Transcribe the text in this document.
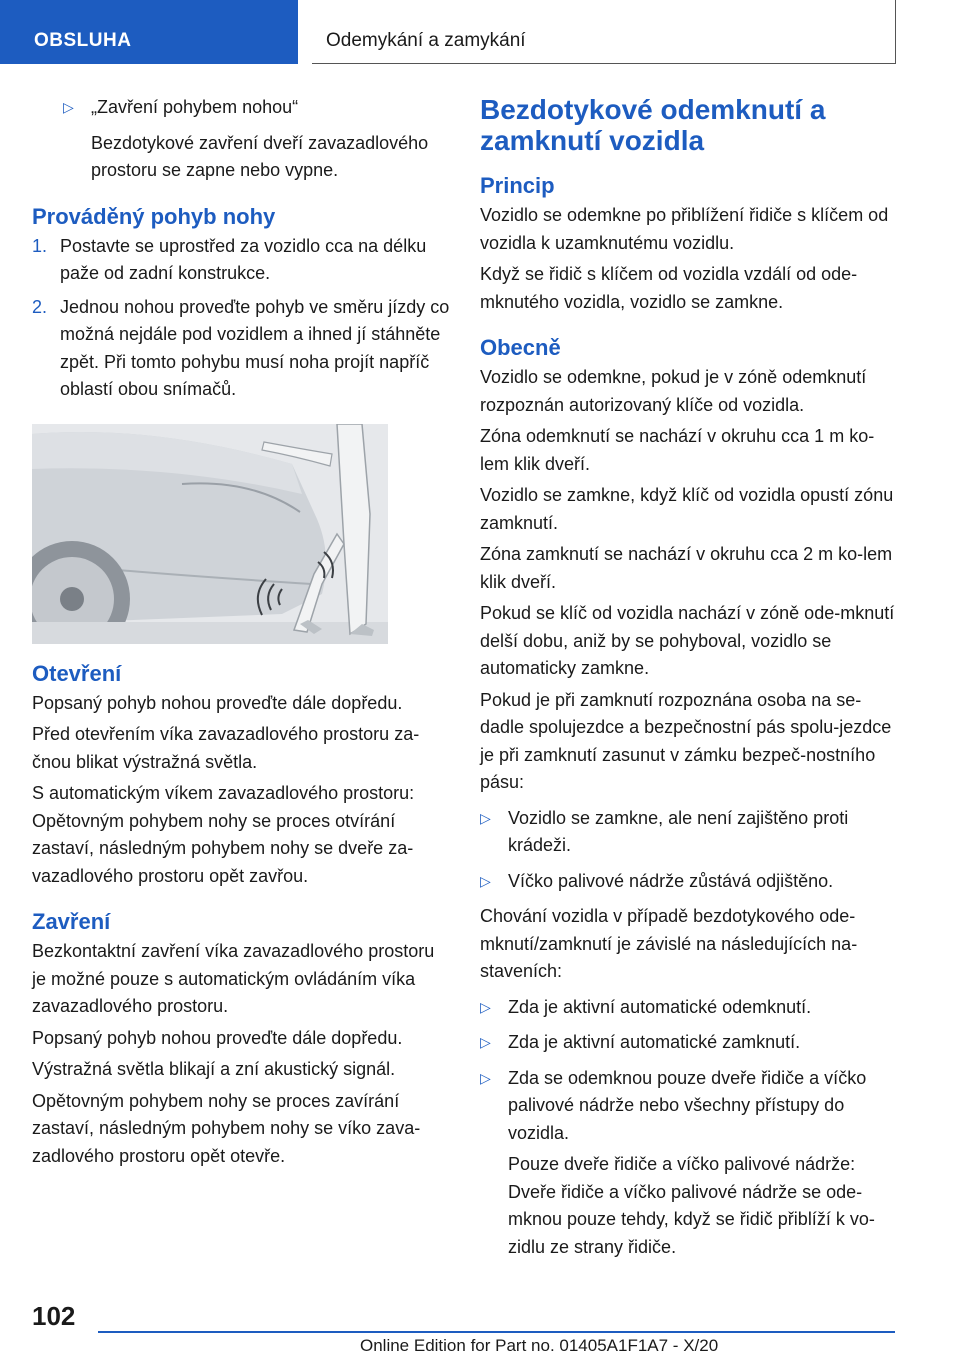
OBSLUHA	Odemykání a zamykání
▷ „Zavření pohybem nohou“

Bezdotykové zavření dveří zavazadlového prostoru se zapne nebo vypne.

Prováděný pohyb nohy
1. Postavte se uprostřed za vozidlo cca na délku paže od zadní konstrukce.
2. Jednou nohou proveďte pohyb ve směru jízdy co možná nejdále pod vozidlem a ihned jí stáhněte zpět. Při tomto pohybu musí noha projít napříč oblastí obou snímačů.
Otevření

Popsaný pohyb nohou proveďte dále dopředu.

Před otevřením víka zavazadlového prostoru za‐čnou blikat výstražná světla.

S automatickým víkem zavazadlového prostoru: Opětovným pohybem nohy se proces otvírání zastaví, následným pohybem nohy se dveře za‐vazadlového prostoru opět zavřou.

Zavření

Bezkontaktní zavření víka zavazadlového prostoru je možné pouze s automatickým ovládáním víka zavazadlového prostoru.

Popsaný pohyb nohou proveďte dále dopředu.

Výstražná světla blikají a zní akustický signál.

Opětovným pohybem nohy se proces zavírání zastaví, následným pohybem nohy se víko zava‐zadlového prostoru opět otevře.

Bezdotykové odemknutí a zamknutí vozidla
Princip

Vozidlo se odemkne po přiblížení řidiče s klíčem od vozidla k uzamknutému vozidlu.

Když se řidič s klíčem od vozidla vzdálí od ode‐mknutého vozidla, vozidlo se zamkne.

Obecně

Vozidlo se odemkne, pokud je v zóně odemknutí rozpoznán autorizovaný klíče od vozidla.

Zóna odemknutí se nachází v okruhu cca 1 m ko‐lem klik dveří.

Vozidlo se zamkne, když klíč od vozidla opustí zónu zamknutí.

Zóna zamknutí se nachází v okruhu cca 2 m ko‐lem klik dveří.

Pokud se klíč od vozidla nachází v zóně ode‐mknutí delší dobu, aniž by se pohyboval, vozidlo se automaticky zamkne.

Pokud je při zamknutí rozpoznána osoba na se‐dadle spolujezdce a bezpečnostní pás spolu‐jezdce je při zamknutí zasunut v zámku bezpeč‐nostního pásu:

▷ Vozidlo se zamkne, ale není zajištěno proti krádeži.
▷ Víčko palivové nádrže zůstává odjištěno.

Chování vozidla v případě bezdotykového ode‐mknutí/zamknutí je závislé na následujících na‐staveních:

▷ Zda je aktivní automatické odemknutí.
▷ Zda je aktivní automatické zamknutí.
▷ Zda se odemknou pouze dveře řidiče a víčko palivové nádrže nebo všechny přístupy do vozidla.

Pouze dveře řidiče a víčko palivové nádrže: Dveře řidiče a víčko palivové nádrže se ode‐mknou pouze tehdy, když se řidič přiblíží k vo‐zidlu ze strany řidiče.

102
Online Edition for Part no. 01405A1F1A7 - X/20
